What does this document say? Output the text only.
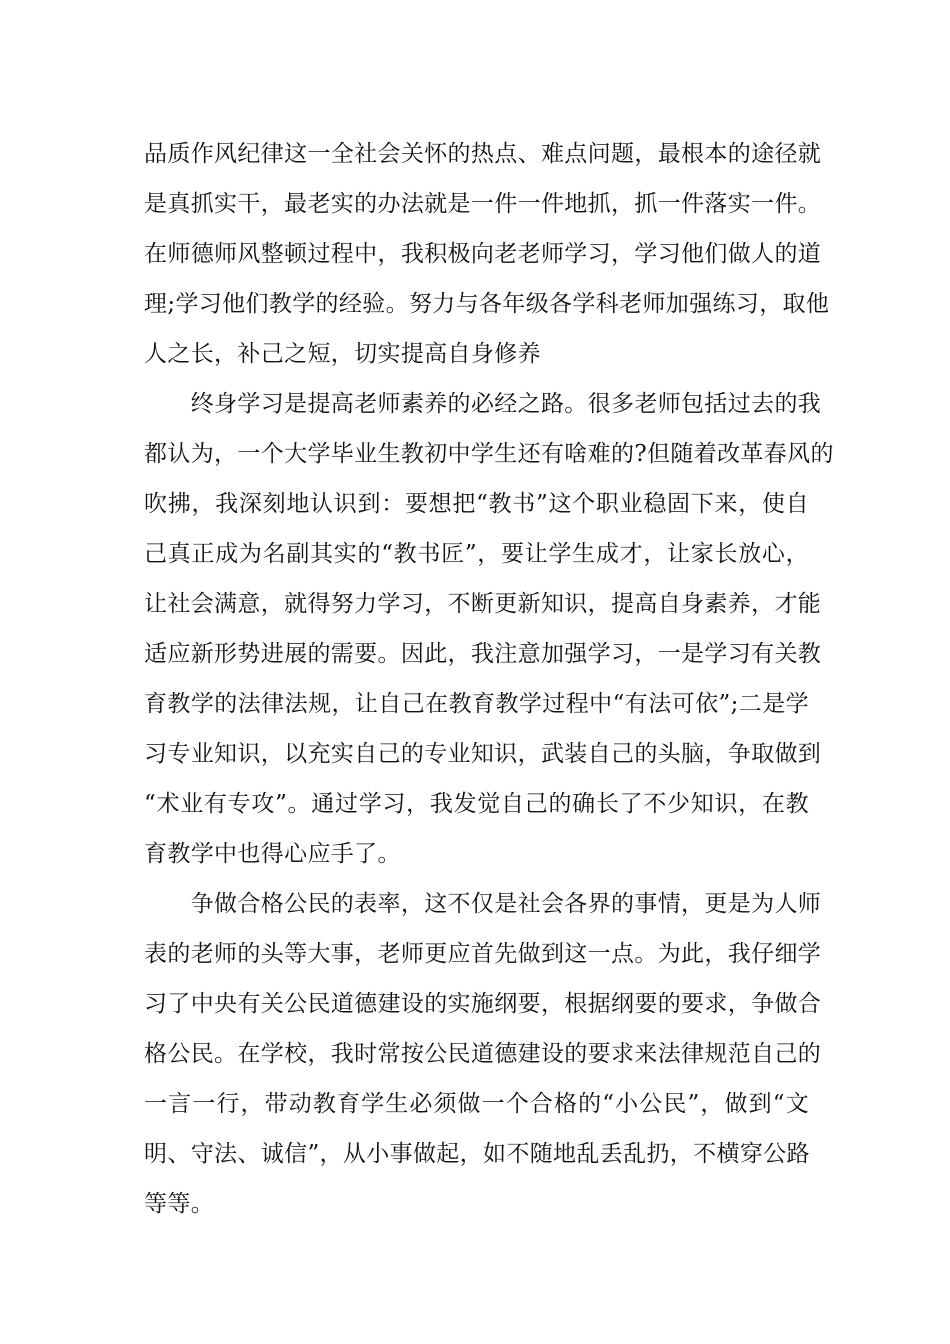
品质作风纪律这一全社会关怀的热点、难点问题，最根本的途径就
是真抓实干，最老实的办法就是一件一件地抓，抓一件落实一件。
在师德师风整顿过程中，我积极向老老师学习，学习他们做人的道
理;学习他们教学的经验。努力与各年级各学科老师加强练习，取他
人之长，补己之短，切实提高自身修养
　　终身学习是提高老师素养的必经之路。很多老师包括过去的我
都认为，一个大学毕业生教初中学生还有啥难的?但随着改革春风的
吹拂，我深刻地认识到：要想把“教书”这个职业稳固下来，使自
己真正成为名副其实的“教书匠”，要让学生成才，让家长放心，
让社会满意，就得努力学习，不断更新知识，提高自身素养，才能
适应新形势进展的需要。因此，我注意加强学习，一是学习有关教
育教学的法律法规，让自己在教育教学过程中“有法可依”;二是学
习专业知识，以充实自己的专业知识，武装自己的头脑，争取做到
“术业有专攻”。通过学习，我发觉自己的确长了不少知识，在教
育教学中也得心应手了。
　　争做合格公民的表率，这不仅是社会各界的事情，更是为人师
表的老师的头等大事，老师更应首先做到这一点。为此，我仔细学
习了中央有关公民道德建设的实施纲要，根据纲要的要求，争做合
格公民。在学校，我时常按公民道德建设的要求来法律规范自己的
一言一行，带动教育学生必须做一个合格的“小公民”，做到“文
明、守法、诚信”，从小事做起，如不随地乱丢乱扔，不横穿公路
等等。
